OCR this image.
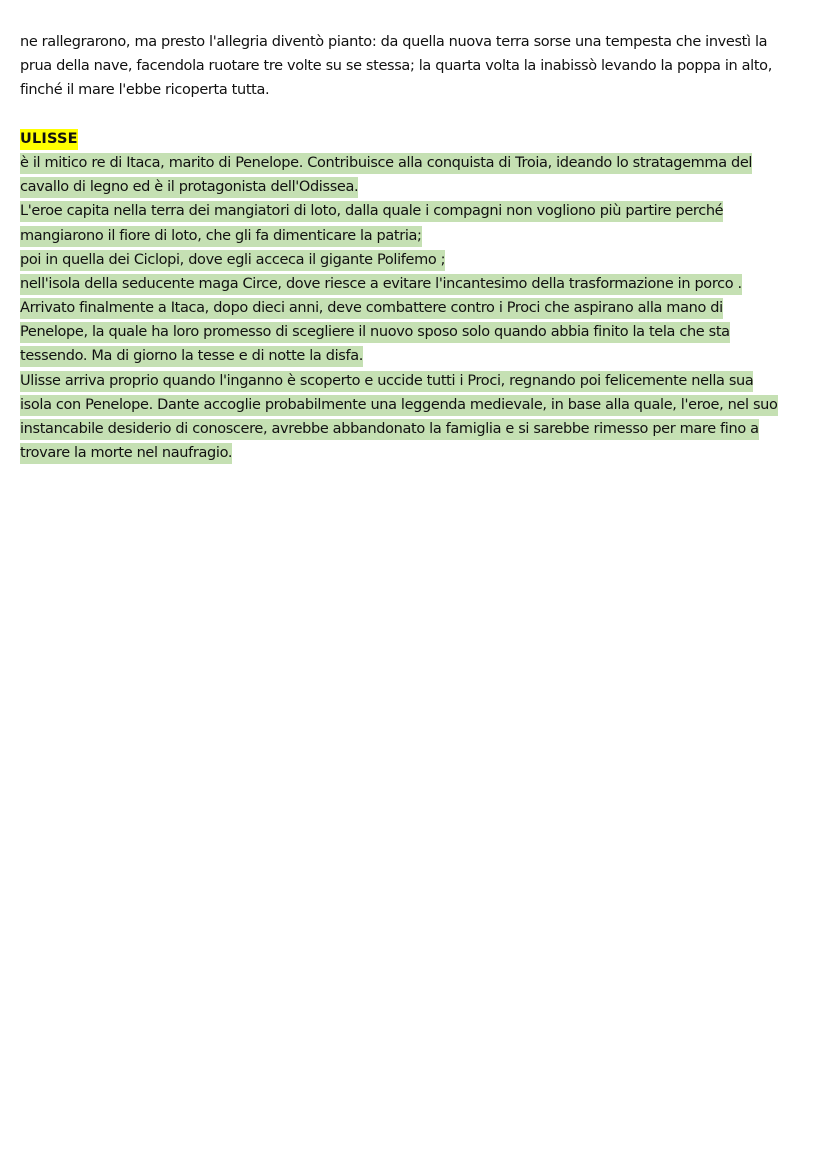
ne rallegrarono, ma presto l'allegria diventò pianto: da quella nuova terra sorse una tempesta che investì la
prua della nave, facendola ruotare tre volte su se stessa; la quarta volta la inabissò levando la poppa in alto,
finché il mare l'ebbe ricoperta tutta.
ULISSE
è il mitico re di Itaca, marito di Penelope. Contribuisce alla conquista di Troia, ideando lo stratagemma del
cavallo di legno ed è il protagonista dell'Odissea.
L'eroe capita nella terra dei mangiatori di loto, dalla quale i compagni non vogliono più partire perché
mangiarono il fiore di loto, che gli fa dimenticare la patria;
poi in quella dei Ciclopi, dove egli acceca il gigante Polifemo ;
nell'isola della seducente maga Circe, dove riesce a evitare l'incantesimo della trasformazione in porco .
Arrivato finalmente a Itaca, dopo dieci anni, deve combattere contro i Proci che aspirano alla mano di
Penelope, la quale ha loro promesso di scegliere il nuovo sposo solo quando abbia finito la tela che sta
tessendo. Ma di giorno la tesse e di notte la disfa.
Ulisse arriva proprio quando l'inganno è scoperto e uccide tutti i Proci, regnando poi felicemente nella sua
isola con Penelope. Dante accoglie probabilmente una leggenda medievale, in base alla quale, l'eroe, nel suo
instancabile desiderio di conoscere, avrebbe abbandonato la famiglia e si sarebbe rimesso per mare fino a
trovare la morte nel naufragio.
